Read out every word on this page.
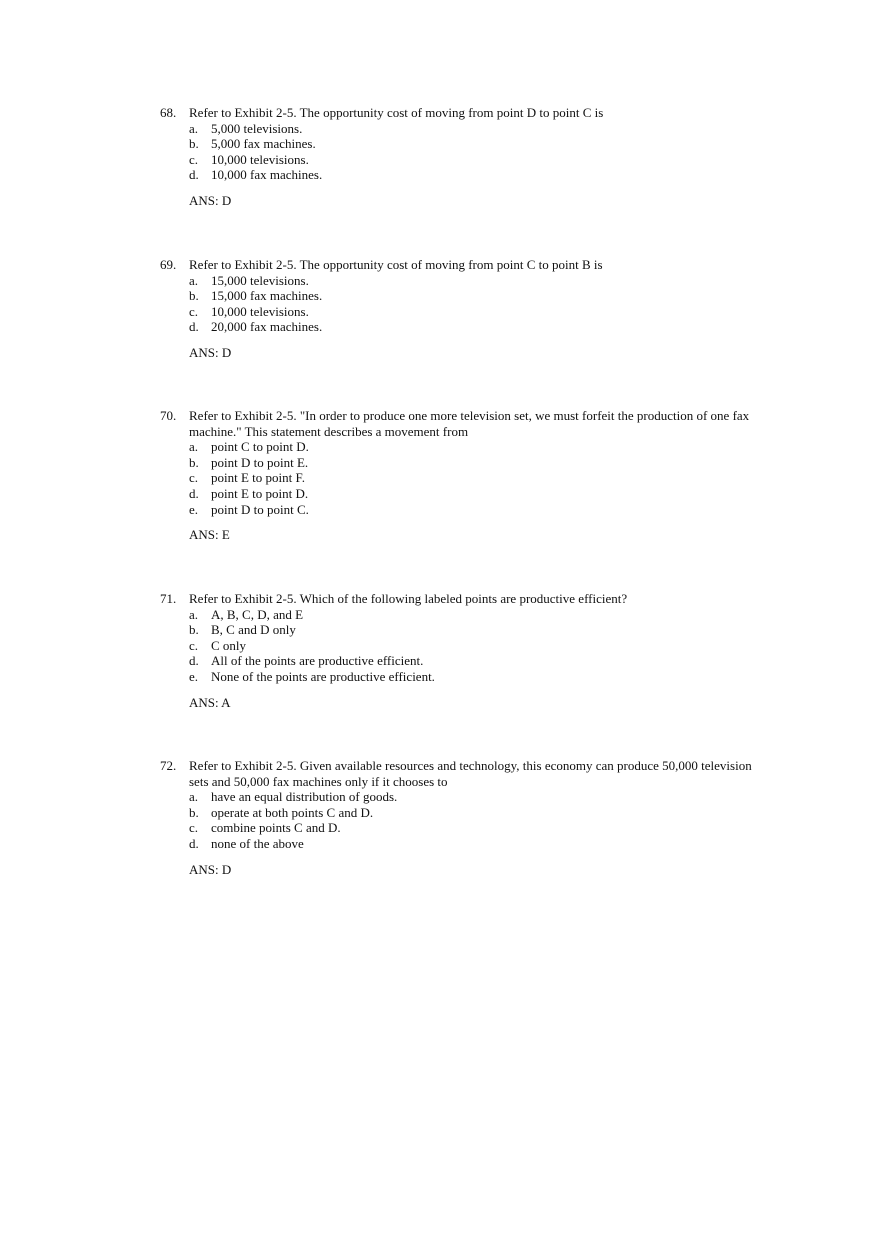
68. Refer to Exhibit 2-5. The opportunity cost of moving from point D to point C is
a. 5,000 televisions.
b. 5,000 fax machines.
c. 10,000 televisions.
d. 10,000 fax machines.
ANS: D
69. Refer to Exhibit 2-5. The opportunity cost of moving from point C to point B is
a. 15,000 televisions.
b. 15,000 fax machines.
c. 10,000 televisions.
d. 20,000 fax machines.
ANS: D
70. Refer to Exhibit 2-5. "In order to produce one more television set, we must forfeit the production of one fax machine." This statement describes a movement from
a. point C to point D.
b. point D to point E.
c. point E to point F.
d. point E to point D.
e. point D to point C.
ANS: E
71. Refer to Exhibit 2-5. Which of the following labeled points are productive efficient?
a. A, B, C, D, and E
b. B, C and D only
c. C only
d. All of the points are productive efficient.
e. None of the points are productive efficient.
ANS: A
72. Refer to Exhibit 2-5. Given available resources and technology, this economy can produce 50,000 television sets and 50,000 fax machines only if it chooses to
a. have an equal distribution of goods.
b. operate at both points C and D.
c. combine points C and D.
d. none of the above
ANS: D
